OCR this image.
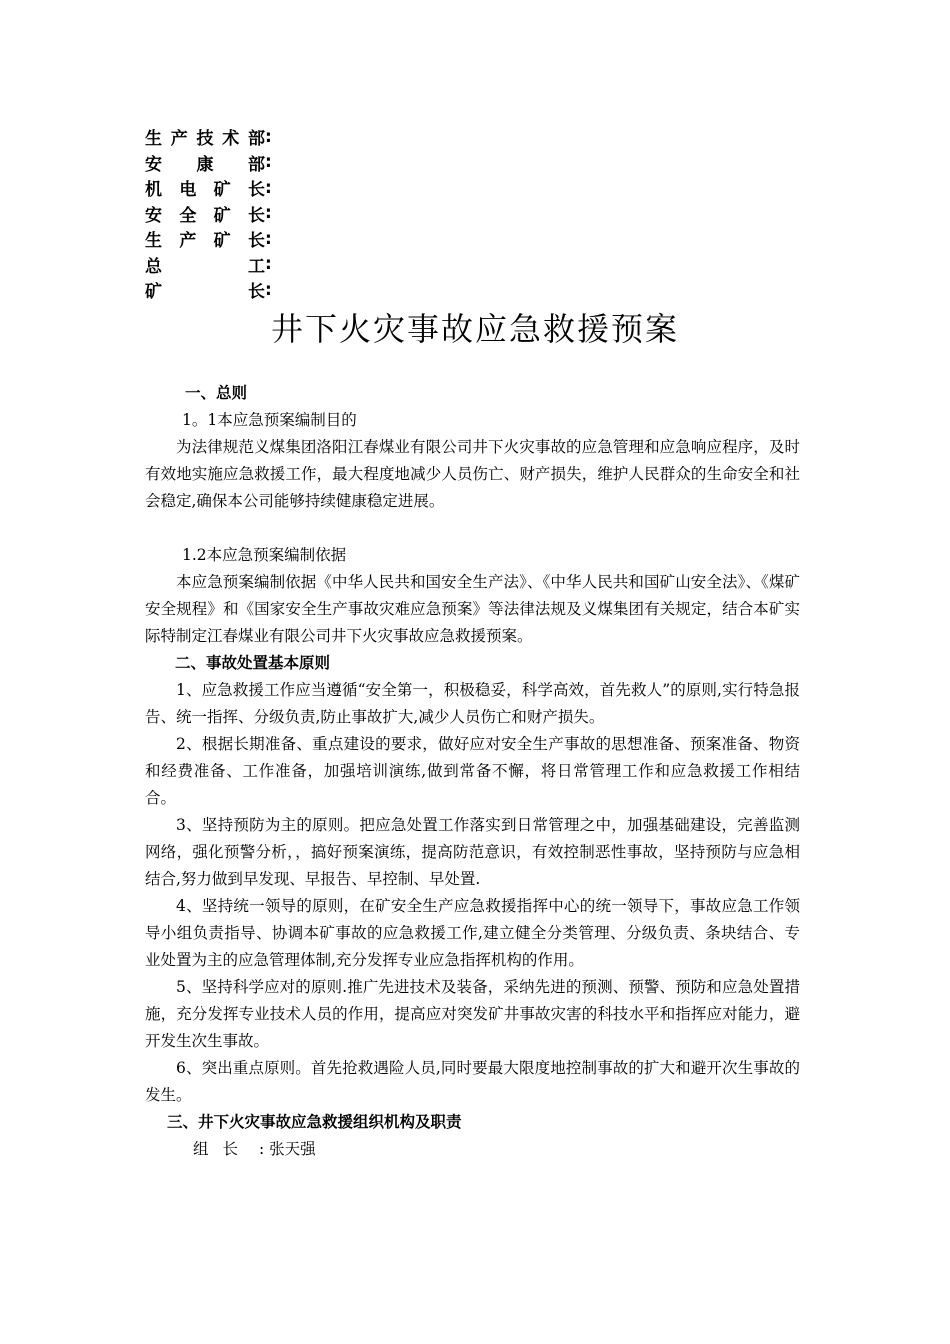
生 产 技 术 部 :
安 康 部 :
机 电 矿 长 :
安 全 矿 长 :
生 产 矿 长 :
总	工 :
矿	长 :
井下火灾事故应急救援预案

一、总则

1。1本应急预案编制目的

为法律规范义煤集团洛阳江春煤业有限公司井下火灾事故的应急管理和应急响应程序，及时有效地实施应急救援工作，最大程度地减少人员伤亡、财产损失，维护人民群众的生命安全和社会稳定,确保本公司能够持续健康稳定进展。

1.2本应急预案编制依据

本应急预案编制依据《中华人民共和国安全生产法》、《中华人民共和国矿山安全法》、《煤矿安全规程》和《国家安全生产事故灾难应急预案》等法律法规及义煤集团有关规定，结合本矿实际特制定江春煤业有限公司井下火灾事故应急救援预案。

二、事故处置基本原则

1、应急救援工作应当遵循“安全第一，积极稳妥，科学高效，首先救人”的原则,实行特急报告、统一指挥、分级负责,防止事故扩大,减少人员伤亡和财产损失。

2、根据长期准备、重点建设的要求，做好应对安全生产事故的思想准备、预案准备、物资和经费准备、工作准备，加强培训演练,做到常备不懈，将日常管理工作和应急救援工作相结合。

3、坚持预防为主的原则。把应急处置工作落实到日常管理之中，加强基础建设，完善监测网络，强化预警分析，，搞好预案演练，提高防范意识，有效控制恶性事故，坚持预防与应急相结合,努力做到早发现、早报告、早控制、早处置.

4、坚持统一领导的原则，在矿安全生产应急救援指挥中心的统一领导下，事故应急工作领导小组负责指导、协调本矿事故的应急救援工作,建立健全分类管理、分级负责、条块结合、专业处置为主的应急管理体制,充分发挥专业应急指挥机构的作用。

5、坚持科学应对的原则.推广先进技术及装备，采纳先进的预测、预警、预防和应急处置措施，充分发挥专业技术人员的作用，提高应对突发矿井事故灾害的科技水平和指挥应对能力，避开发生次生事故。

6、突出重点原则。首先抢救遇险人员,同时要最大限度地控制事故的扩大和避开次生事故的发生。

三、井下火灾事故应急救援组织机构及职责

组长 : 张天强
